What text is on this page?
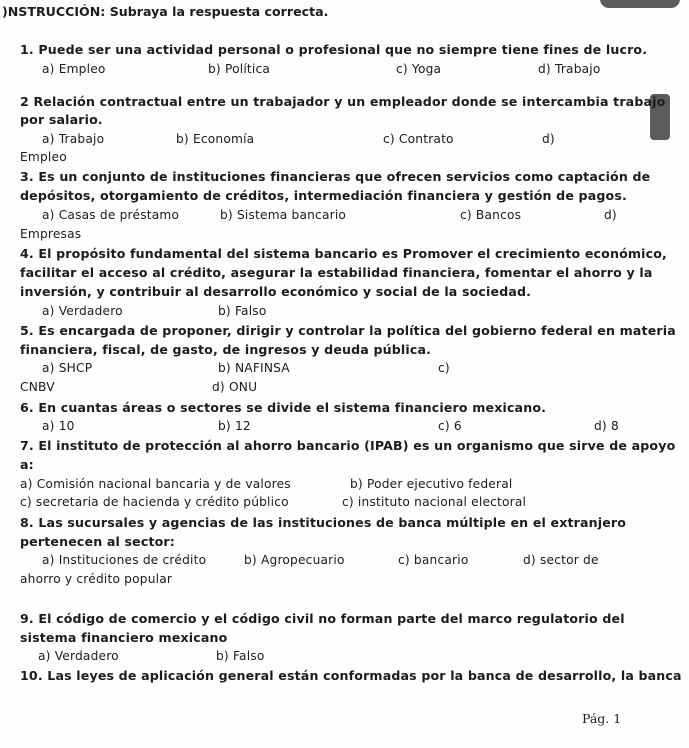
)NSTRUCCIÓN: Subraya la respuesta correcta.
1. Puede ser una actividad personal o profesional que no siempre tiene fines de lucro.
a) Empleo	b) Política	c) Yoga	d) Trabajo
2 Relación contractual entre un trabajador y un empleador donde se intercambia trabajo
por salario.
a) Trabajo	b) Economía	c) Contrato	d)
Empleo
3. Es un conjunto de instituciones financieras que ofrecen servicios como captación de
depósitos, otorgamiento de créditos, intermediación financiera y gestión de pagos.
a) Casas de préstamo	b) Sistema bancario	c) Bancos	d)
Empresas
4. El propósito fundamental del sistema bancario es Promover el crecimiento económico,
facilitar el acceso al crédito, asegurar la estabilidad financiera, fomentar el ahorro y la
inversión, y contribuir al desarrollo económico y social de la sociedad.
a) Verdadero	b) Falso
5. Es encargada de proponer, dirigir y controlar la política del gobierno federal en materia
financiera, fiscal, de gasto, de ingresos y deuda pública.
a) SHCP	b) NAFINSA	c)
CNBV	d) ONU
6. En cuantas áreas o sectores se divide el sistema financiero mexicano.
a) 10	b) 12	c) 6	d) 8
7. El instituto de protección al ahorro bancario (IPAB) es un organismo que sirve de apoyo
a:
a) Comisión nacional bancaria y de valores	b) Poder ejecutivo federal
c) secretaria de hacienda y crédito público	c) instituto nacional electoral
8. Las sucursales y agencias de las instituciones de banca múltiple en el extranjero
pertenecen al sector:
a) Instituciones de crédito	b) Agropecuario	c) bancario	d) sector de
ahorro y crédito popular
9. El código de comercio y el código civil no forman parte del marco regulatorio del
sistema financiero mexicano
a) Verdadero	b) Falso
10. Las leyes de aplicación general están conformadas por la banca de desarrollo, la banca
Pág. 1
